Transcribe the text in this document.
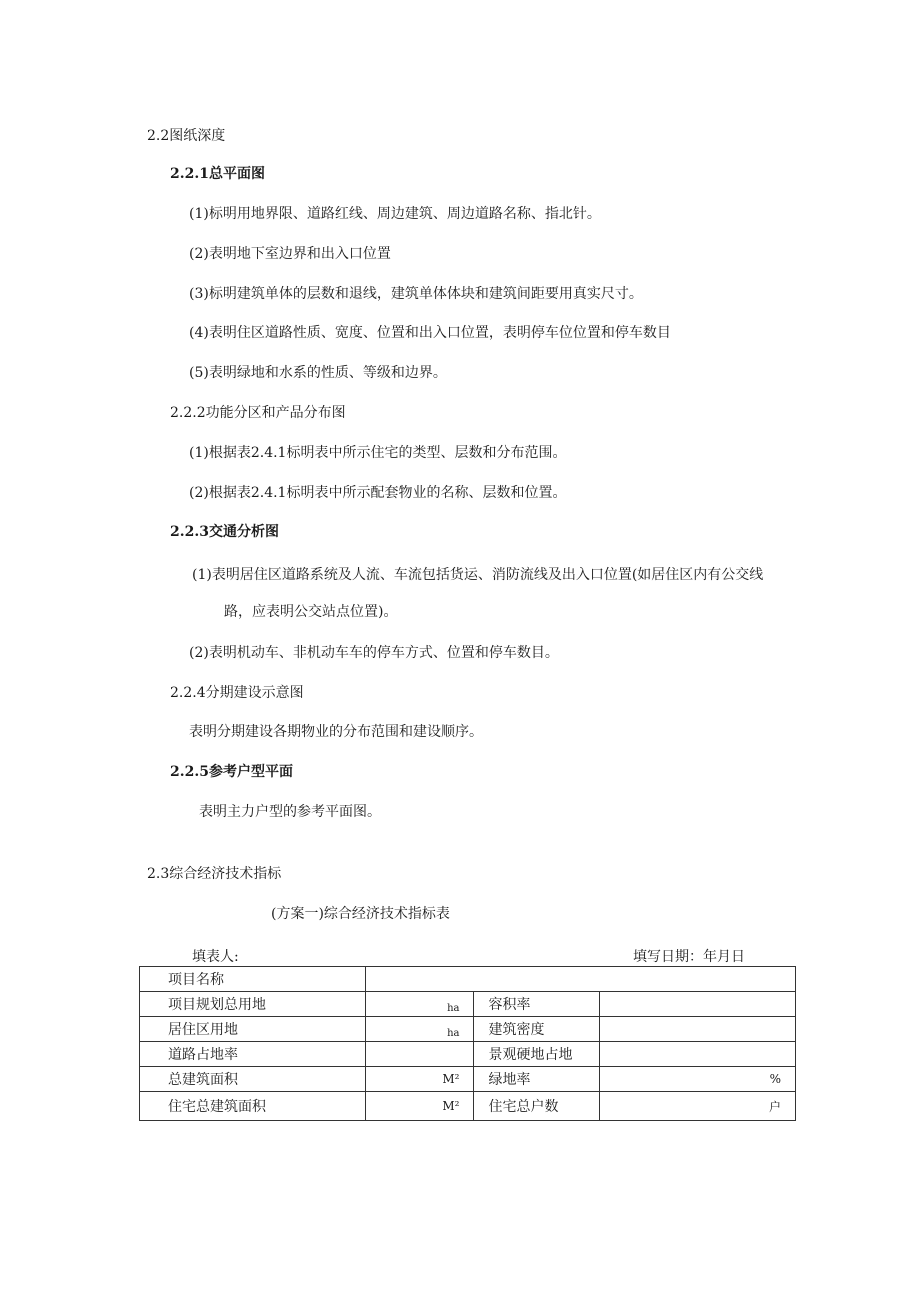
2.2图纸深度
2.2.1总平面图
(1)标明用地界限、道路红线、周边建筑、周边道路名称、指北针。
(2)表明地下室边界和出入口位置
(3)标明建筑单体的层数和退线，建筑单体体块和建筑间距要用真实尺寸。
(4)表明住区道路性质、宽度、位置和出入口位置，表明停车位位置和停车数目
(5)表明绿地和水系的性质、等级和边界。
2.2.2功能分区和产品分布图
(1)根据表2.4.1标明表中所示住宅的类型、层数和分布范围。
(2)根据表2.4.1标明表中所示配套物业的名称、层数和位置。
2.2.3交通分析图
(1)表明居住区道路系统及人流、车流包括货运、消防流线及出入口位置(如居住区内有公交线
路，应表明公交站点位置)。
(2)表明机动车、非机动车车的停车方式、位置和停车数目。
2.2.4分期建设示意图
表明分期建设各期物业的分布范围和建设顺序。
2.2.5参考户型平面
表明主力户型的参考平面图。
2.3综合经济技术指标
(方案一)综合经济技术指标表
填表人:	填写日期：年月日
项目名称			
项目规划总用地	ha	容积率	
居住区用地	ha	建筑密度	
道路占地率		景观硬地占地	
总建筑面积	M²	绿地率	%
住宅总建筑面积	M²	住宅总户数	户
